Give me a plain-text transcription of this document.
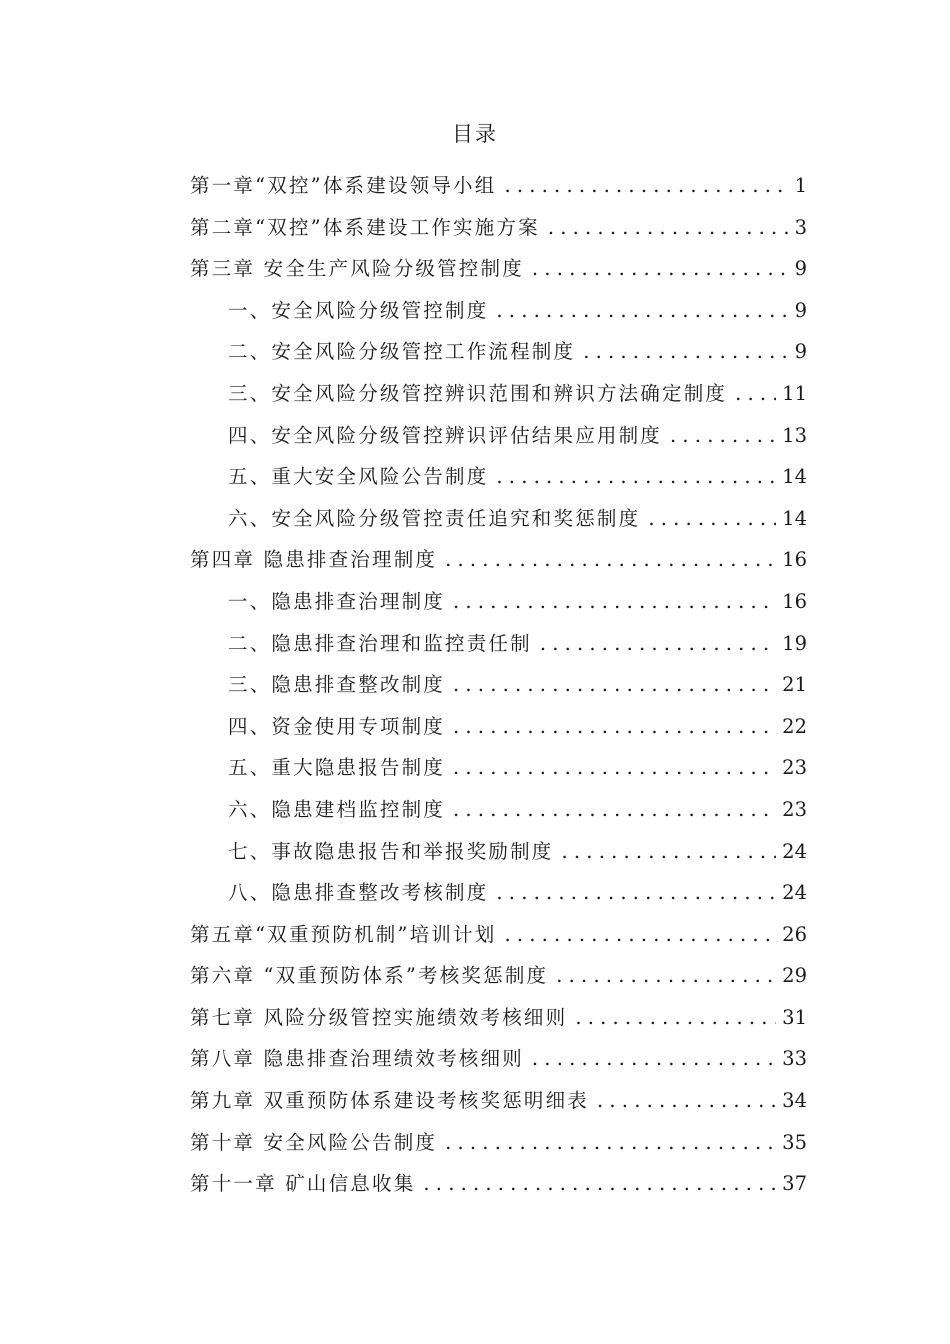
目录
第一章“双控”体系建设领导小组 . . .	1
第二章“双控”体系建设工作实施方案 . . .	3
第三章 安全生产风险分级管控制度 . . .	9
一、安全风险分级管控制度 . . .	9
二、安全风险分级管控工作流程制度 . . .	9
三、安全风险分级管控辨识范围和辨识方法确定制度 . . .	11
四、安全风险分级管控辨识评估结果应用制度 . . .	13
五、重大安全风险公告制度 . . .	14
六、安全风险分级管控责任追究和奖惩制度 . . .	14
第四章 隐患排查治理制度 . . .	16
一、隐患排查治理制度 . . .	16
二、隐患排查治理和监控责任制 . . .	19
三、隐患排查整改制度 . . .	21
四、资金使用专项制度 . . .	22
五、重大隐患报告制度 . . .	23
六、隐患建档监控制度 . . .	23
七、事故隐患报告和举报奖励制度 . . .	24
八、隐患排查整改考核制度 . . .	24
第五章“双重预防机制”培训计划 . . .	26
第六章 “双重预防体系”考核奖惩制度 . . .	29
第七章 风险分级管控实施绩效考核细则 . . .	31
第八章 隐患排查治理绩效考核细则 . . .	33
第九章 双重预防体系建设考核奖惩明细表 . . .	34
第十章 安全风险公告制度 . . .	35
第十一章 矿山信息收集 . . .	37
